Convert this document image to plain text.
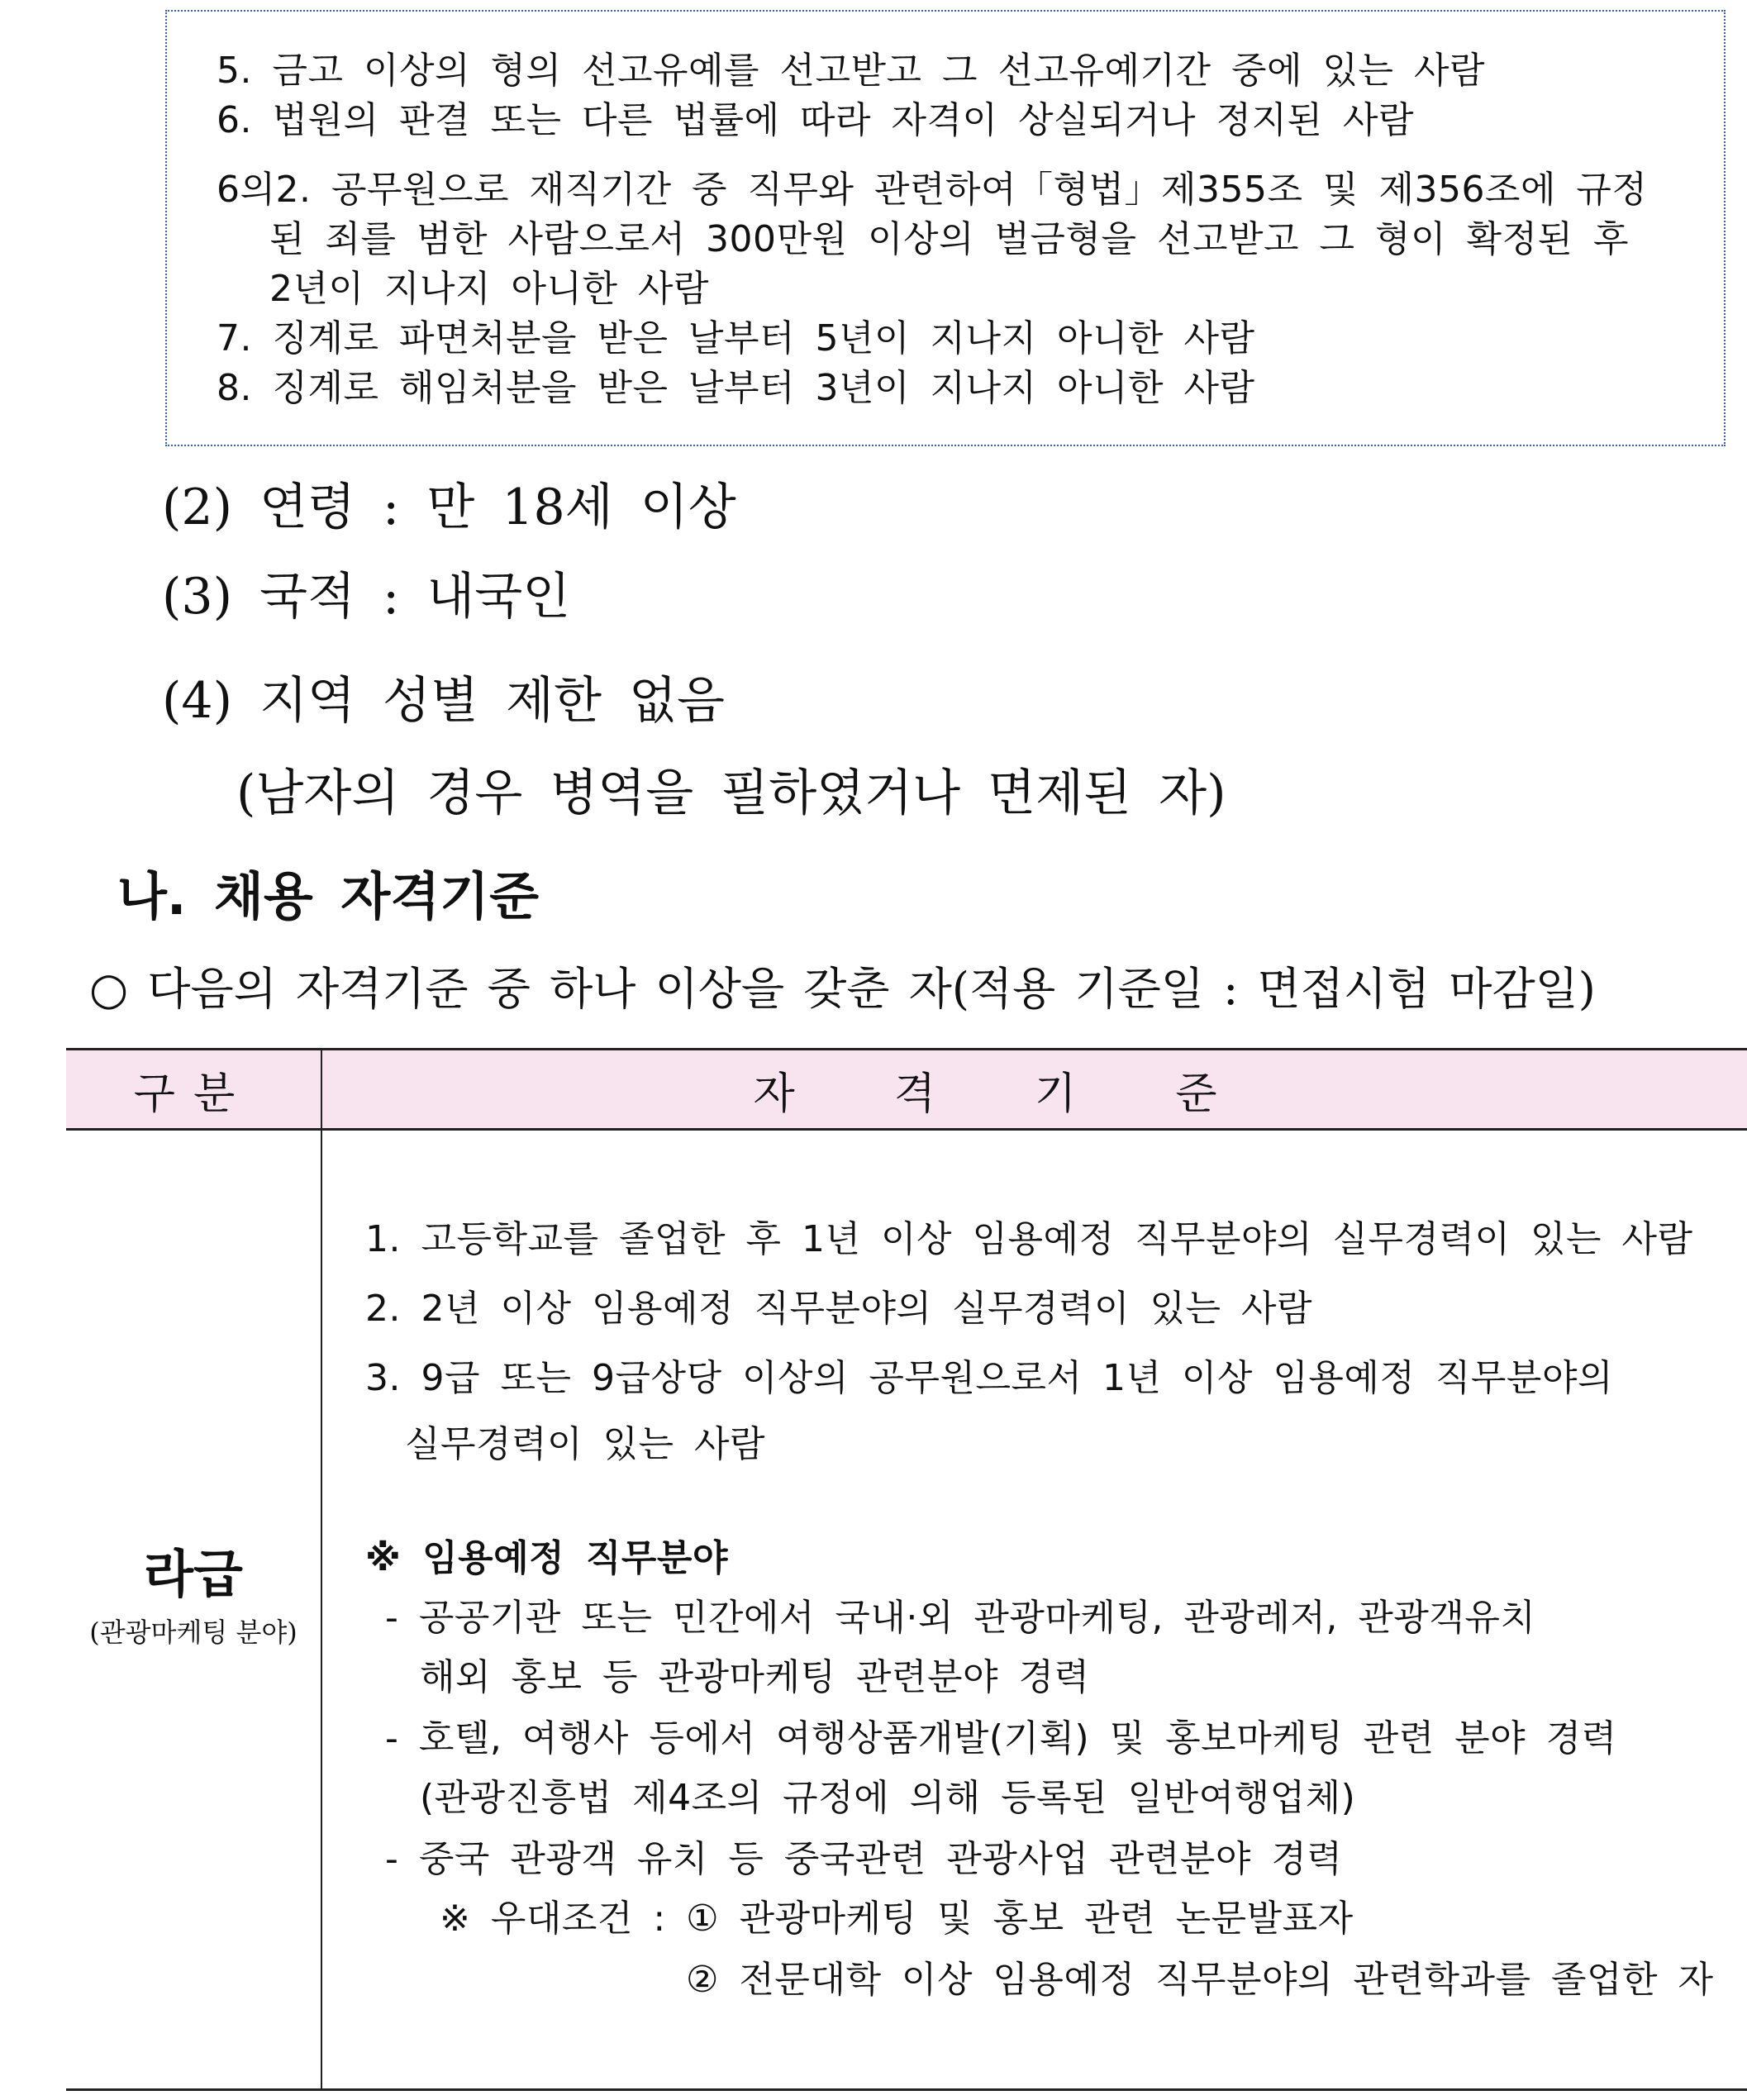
5. 금고 이상의 형의 선고유예를 선고받고 그 선고유예기간 중에 있는 사람
6. 법원의 판결 또는 다른 법률에 따라 자격이 상실되거나 정지된 사람
6의2. 공무원으로 재직기간 중 직무와 관련하여「형법」제355조 및 제356조에 규정
된 죄를 범한 사람으로서 300만원 이상의 벌금형을 선고받고 그 형이 확정된 후
2년이 지나지 아니한 사람
7. 징계로 파면처분을 받은 날부터 5년이 지나지 아니한 사람
8. 징계로 해임처분을 받은 날부터 3년이 지나지 아니한 사람
(2) 연령 : 만 18세 이상
(3) 국적 : 내국인
(4) 지역 성별 제한 없음
(남자의 경우 병역을 필하였거나 면제된 자)
나. 채용 자격기준
○ 다음의 자격기준 중 하나 이상을 갖춘 자(적용 기준일 : 면접시험 마감일)
구분	자격기준
라급
(관광마케팅 분야)
1. 고등학교를 졸업한 후 1년 이상 임용예정 직무분야의 실무경력이 있는 사람
2. 2년 이상 임용예정 직무분야의 실무경력이 있는 사람
3. 9급 또는 9급상당 이상의 공무원으로서 1년 이상 임용예정 직무분야의
실무경력이 있는 사람
※ 임용예정 직무분야
- 공공기관 또는 민간에서 국내·외 관광마케팅, 관광레저, 관광객유치
해외 홍보 등 관광마케팅 관련분야 경력
- 호텔, 여행사 등에서 여행상품개발(기획) 및 홍보마케팅 관련 분야 경력
(관광진흥법 제4조의 규정에 의해 등록된 일반여행업체)
- 중국 관광객 유치 등 중국관련 관광사업 관련분야 경력
※ 우대조건 : ① 관광마케팅 및 홍보 관련 논문발표자
② 전문대학 이상 임용예정 직무분야의 관련학과를 졸업한 자
